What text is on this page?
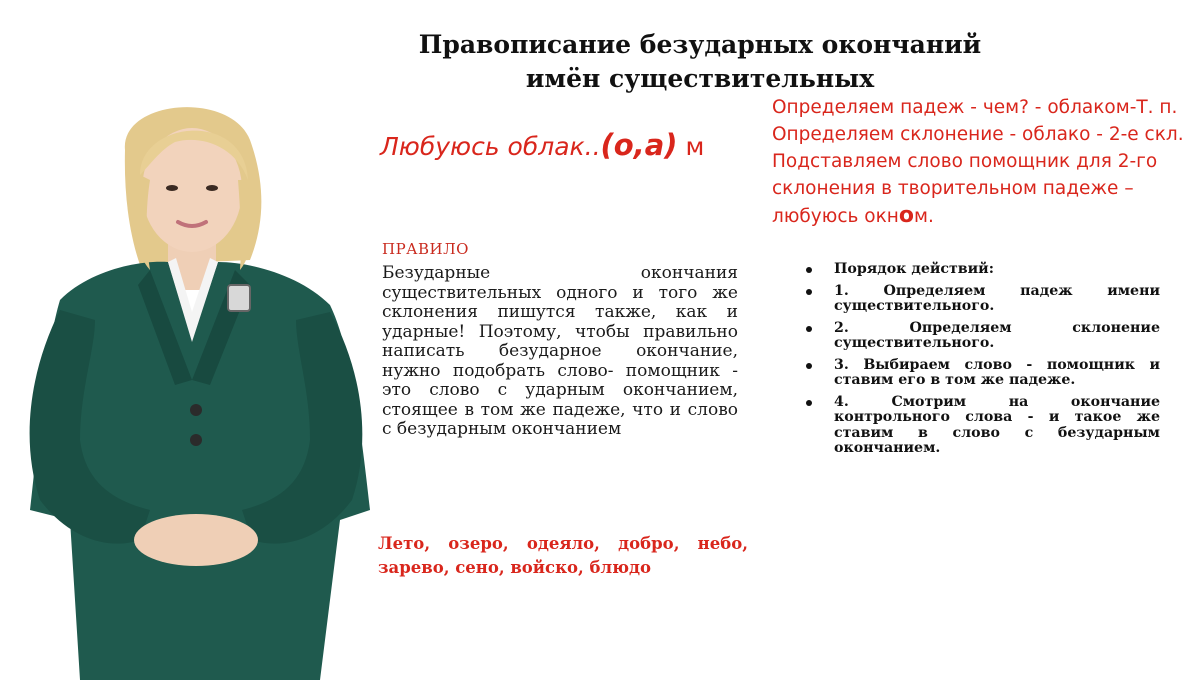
Правописание безударных окончаний имён существительных
Любуюсь облак..(о,а) м
Определяем падеж - чем? - облаком-Т. п. Определяем склонение - облако - 2-е скл. Подставляем слово помощник для 2-го склонения в творительном падеже – любуюсь окном.
ПРАВИЛО
Безударные окончания существительных одного и того же склонения пишутся также, как и ударные! Поэтому, чтобы правильно написать безударное окончание, нужно подобрать слово- помощник - это слово с ударным окончанием, стоящее в том же падеже, что и слово с безударным окончанием
Порядок действий:
1. Определяем падеж имени существительного.
2. Определяем склонение существительного.
3. Выбираем слово - помощник и ставим его в том же падеже.
4. Смотрим на окончание контрольного слова - и такое же ставим в слово с безударным окончанием.
Лето, озеро, одеяло, добро, небо, зарево, сено, войско, блюдо
